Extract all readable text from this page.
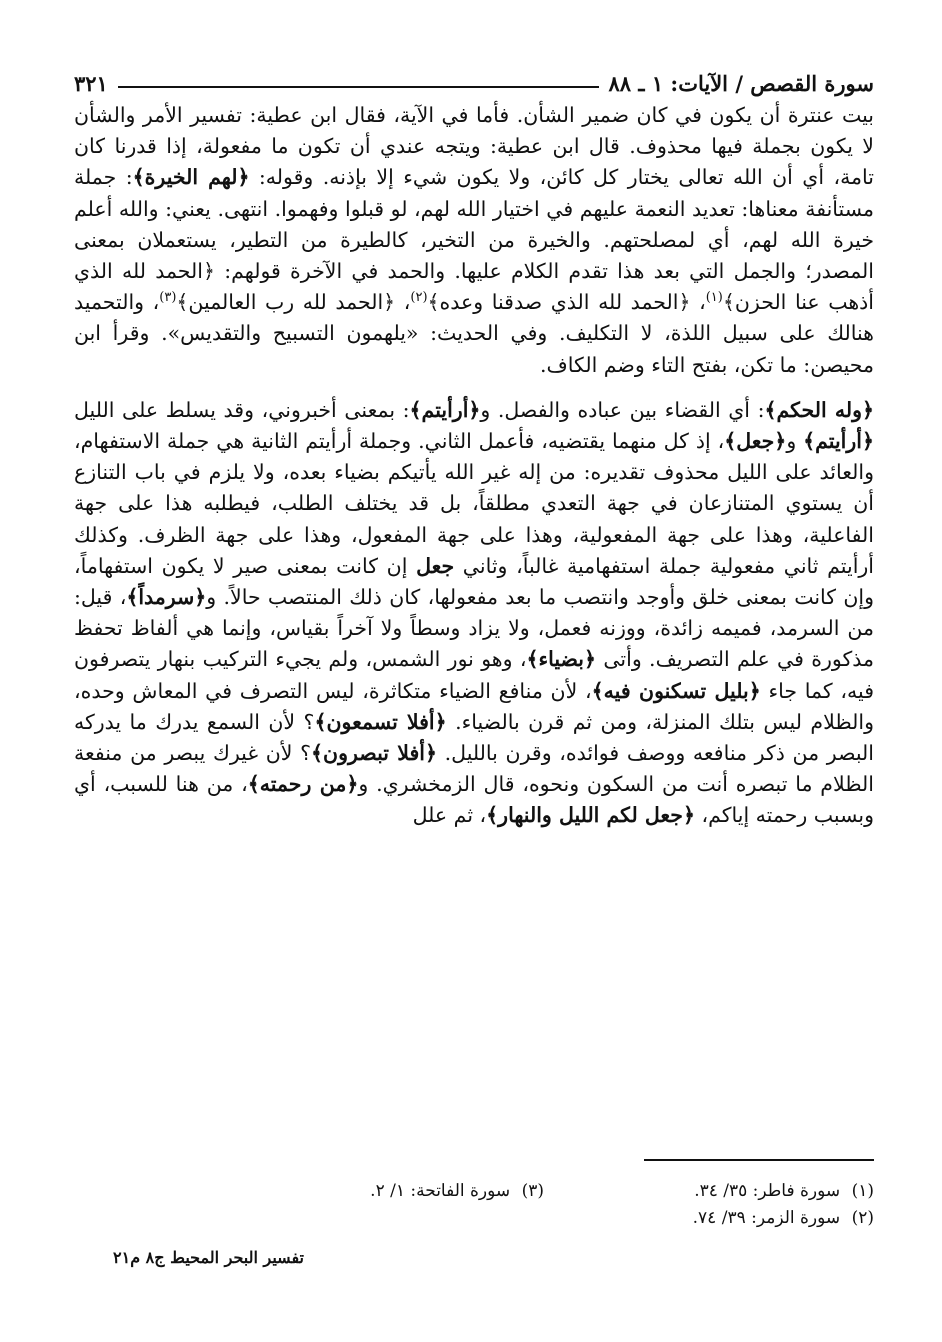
سورة القصص / الآيات: ١ ـ ٨٨
٣٢١

بيت عنترة أن يكون في كان ضمير الشأن. فأما في الآية، فقال ابن عطية: تفسير الأمر والشأن لا يكون بجملة فيها محذوف. قال ابن عطية: ويتجه عندي أن تكون ما مفعولة، إذا قدرنا كان تامة، أي أن الله تعالى يختار كل كائن، ولا يكون شيء إلا بإذنه. وقوله: ﴿لهم الخيرة﴾: جملة مستأنفة معناها: تعديد النعمة عليهم في اختيار الله لهم، لو قبلوا وفهموا. انتهى. يعني: والله أعلم خيرة الله لهم، أي لمصلحتهم. والخيرة من التخير، كالطيرة من التطير، يستعملان بمعنى المصدر؛ والجمل التي بعد هذا تقدم الكلام عليها. والحمد في الآخرة قولهم: ﴿الحمد لله الذي أذهب عنا الحزن﴾$^{(١)}$، ﴿الحمد لله الذي صدقنا وعده﴾$^{(٢)}$، ﴿الحمد لله رب العالمين﴾$^{(٣)}$، والتحميد هنالك على سبيل اللذة، لا التكليف. وفي الحديث: «يلهمون التسبيح والتقديس». وقرأ ابن محيصن: ما تكن، بفتح التاء وضم الكاف.

﴿وله الحكم﴾: أي القضاء بين عباده والفصل. و﴿أرأيتم﴾: بمعنى أخبروني، وقد يسلط على الليل ﴿أرأيتم﴾ و﴿جعل﴾، إذ كل منهما يقتضيه، فأعمل الثاني. وجملة أرأيتم الثانية هي جملة الاستفهام، والعائد على الليل محذوف تقديره: من إله غير الله يأتيكم بضياء بعده، ولا يلزم في باب التنازع أن يستوي المتنازعان في جهة التعدي مطلقاً، بل قد يختلف الطلب، فيطلبه هذا على جهة الفاعلية، وهذا على جهة المفعولية، وهذا على جهة المفعول، وهذا على جهة الظرف. وكذلك أرأيتم ثاني مفعولية جملة استفهامية غالباً، وثاني جعل إن كانت بمعنى صير لا يكون استفهاماً، وإن كانت بمعنى خلق وأوجد وانتصب ما بعد مفعولها، كان ذلك المنتصب حالاً. و﴿سرمداً﴾، قيل: من السرمد، فميمه زائدة، ووزنه فعمل، ولا يزاد وسطاً ولا آخراً بقياس، وإنما هي ألفاظ تحفظ مذكورة في علم التصريف. وأتى ﴿بضياء﴾، وهو نور الشمس، ولم يجيء التركيب بنهار يتصرفون فيه، كما جاء ﴿بليل تسكنون فيه﴾، لأن منافع الضياء متكاثرة، ليس التصرف في المعاش وحده، والظلام ليس بتلك المنزلة، ومن ثم قرن بالضياء. ﴿أفلا تسمعون﴾؟ لأن السمع يدرك ما يدركه البصر من ذكر منافعه ووصف فوائده، وقرن بالليل. ﴿أفلا تبصرون﴾؟ لأن غيرك يبصر من منفعة الظلام ما تبصره أنت من السكون ونحوه، قال الزمخشري. و﴿من رحمته﴾، من هنا للسبب، أي وبسبب رحمته إياكم، ﴿جعل لكم الليل والنهار﴾، ثم علل

(١) سورة فاطر: ٣٥/ ٣٤.
(٣) سورة الفاتحة: ١/ ٢.
(٢) سورة الزمر: ٣٩/ ٧٤.
تفسير البحر المحيط ج٨ م٢١
